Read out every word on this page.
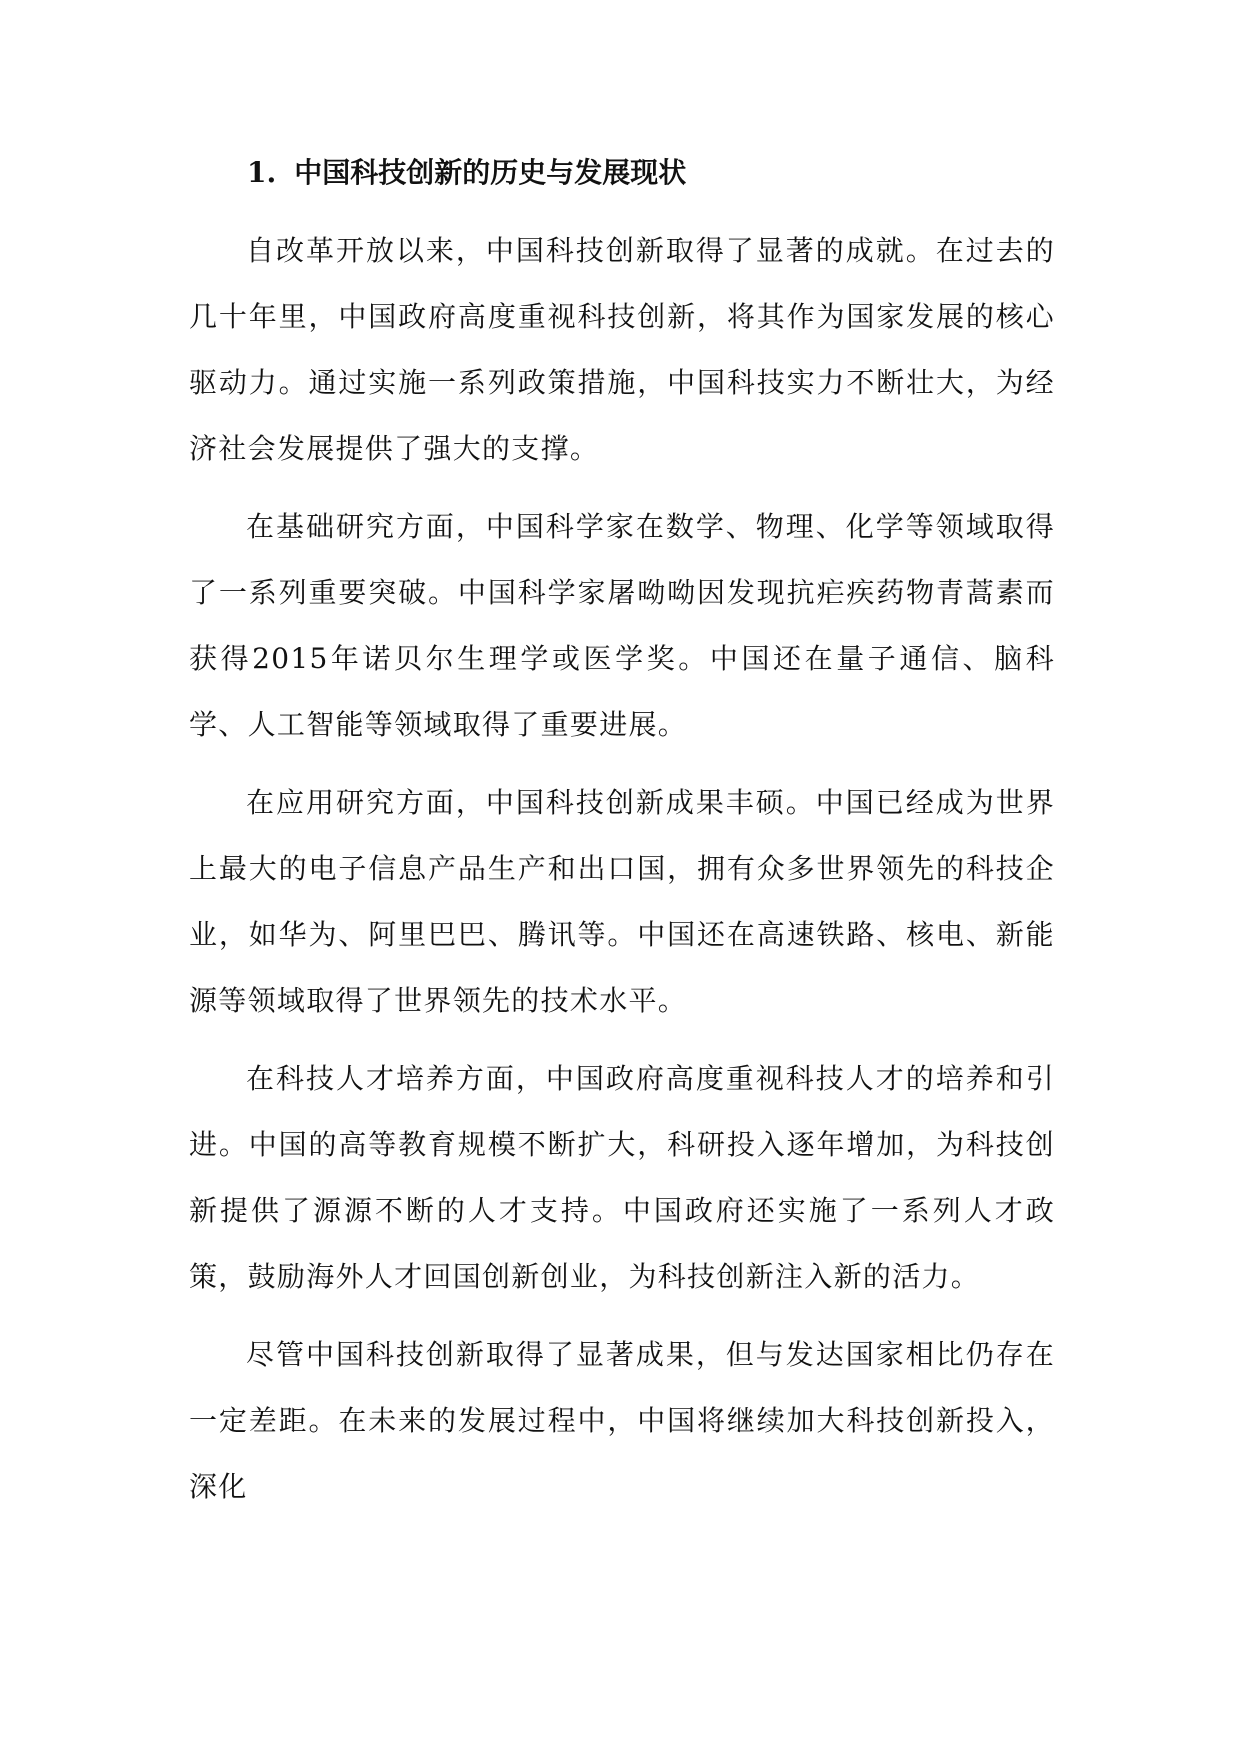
1. 中国科技创新的历史与发展现状

自改革开放以来，中国科技创新取得了显著的成就。在过去的几十年里，中国政府高度重视科技创新，将其作为国家发展的核心驱动力。通过实施一系列政策措施，中国科技实力不断壮大，为经济社会发展提供了强大的支撑。

在基础研究方面，中国科学家在数学、物理、化学等领域取得了一系列重要突破。中国科学家屠呦呦因发现抗疟疾药物青蒿素而获得2015年诺贝尔生理学或医学奖。中国还在量子通信、脑科学、人工智能等领域取得了重要进展。

在应用研究方面，中国科技创新成果丰硕。中国已经成为世界上最大的电子信息产品生产和出口国，拥有众多世界领先的科技企业，如华为、阿里巴巴、腾讯等。中国还在高速铁路、核电、新能源等领域取得了世界领先的技术水平。

在科技人才培养方面，中国政府高度重视科技人才的培养和引进。中国的高等教育规模不断扩大，科研投入逐年增加，为科技创新提供了源源不断的人才支持。中国政府还实施了一系列人才政策，鼓励海外人才回国创新创业，为科技创新注入新的活力。

尽管中国科技创新取得了显著成果，但与发达国家相比仍存在一定差距。在未来的发展过程中，中国将继续加大科技创新投入，深化
